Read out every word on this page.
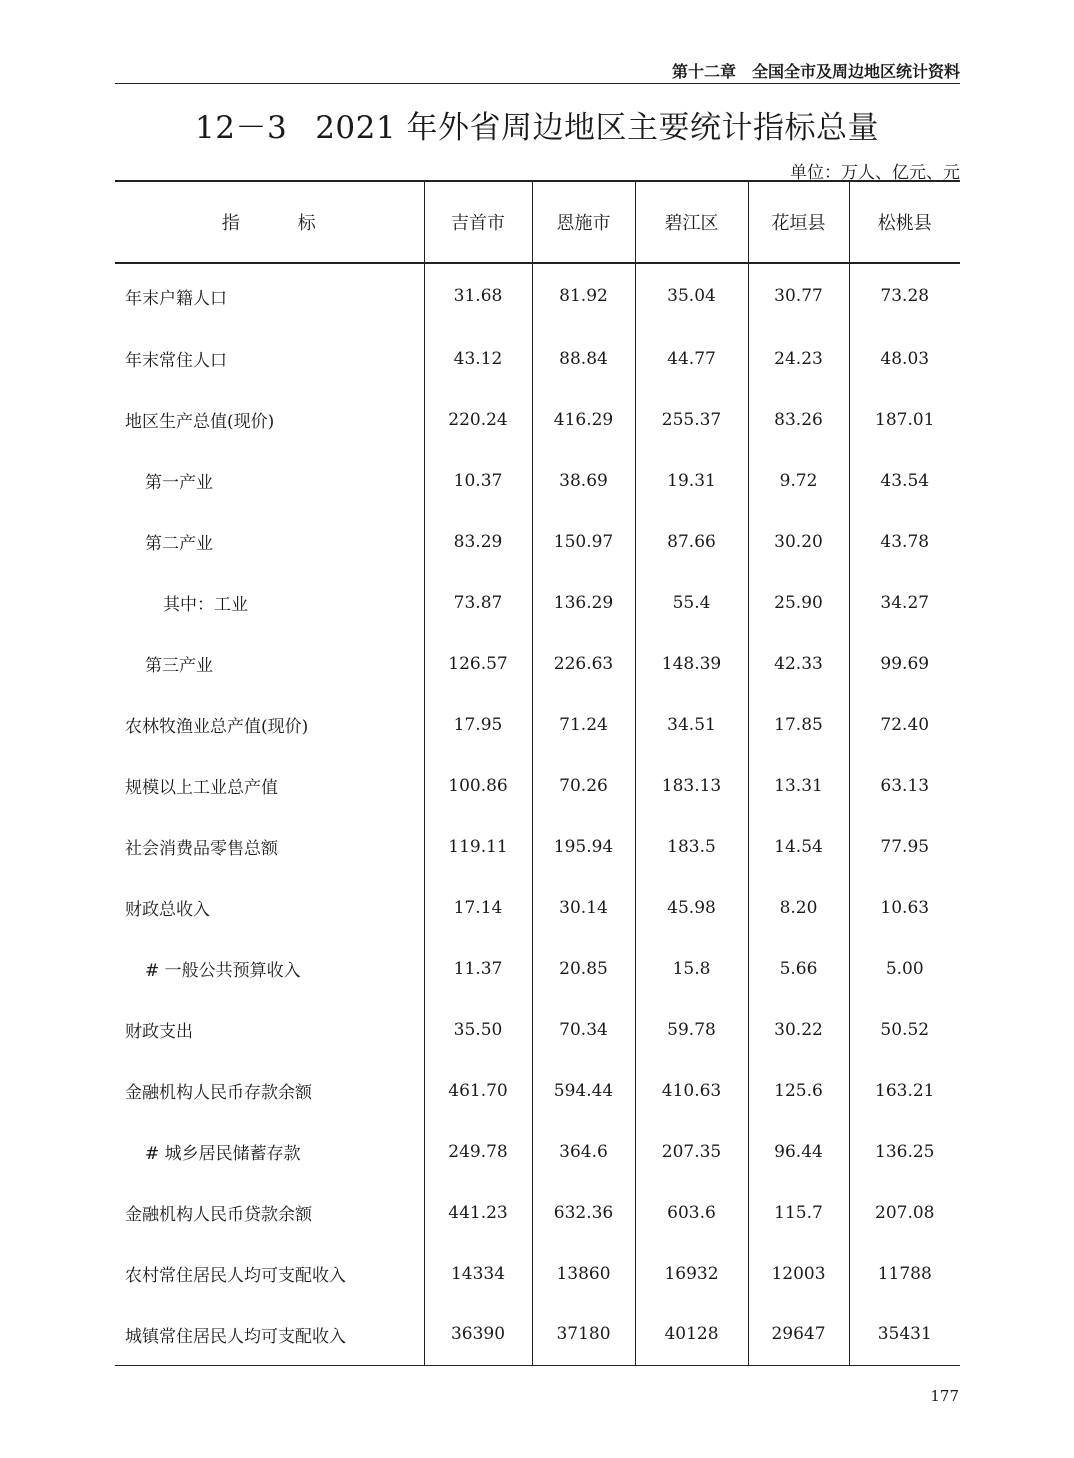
第十二章　全国全市及周边地区统计资料
12－3 2021 年外省周边地区主要统计指标总量
单位：万人、亿元、元
指标	吉首市	恩施市	碧江区	花垣县	松桃县
年末户籍人口	31.68	81.92	35.04	30.77	73.28
年末常住人口	43.12	88.84	44.77	24.23	48.03
地区生产总值(现价)	220.24	416.29	255.37	83.26	187.01
第一产业	10.37	38.69	19.31	9.72	43.54
第二产业	83.29	150.97	87.66	30.20	43.78
其中：工业	73.87	136.29	55.4	25.90	34.27
第三产业	126.57	226.63	148.39	42.33	99.69
农林牧渔业总产值(现价)	17.95	71.24	34.51	17.85	72.40
规模以上工业总产值	100.86	70.26	183.13	13.31	63.13
社会消费品零售总额	119.11	195.94	183.5	14.54	77.95
财政总收入	17.14	30.14	45.98	8.20	10.63
# 一般公共预算收入	11.37	20.85	15.8	5.66	5.00
财政支出	35.50	70.34	59.78	30.22	50.52
金融机构人民币存款余额	461.70	594.44	410.63	125.6	163.21
# 城乡居民储蓄存款	249.78	364.6	207.35	96.44	136.25
金融机构人民币贷款余额	441.23	632.36	603.6	115.7	207.08
农村常住居民人均可支配收入	14334	13860	16932	12003	11788
城镇常住居民人均可支配收入	36390	37180	40128	29647	35431
177
